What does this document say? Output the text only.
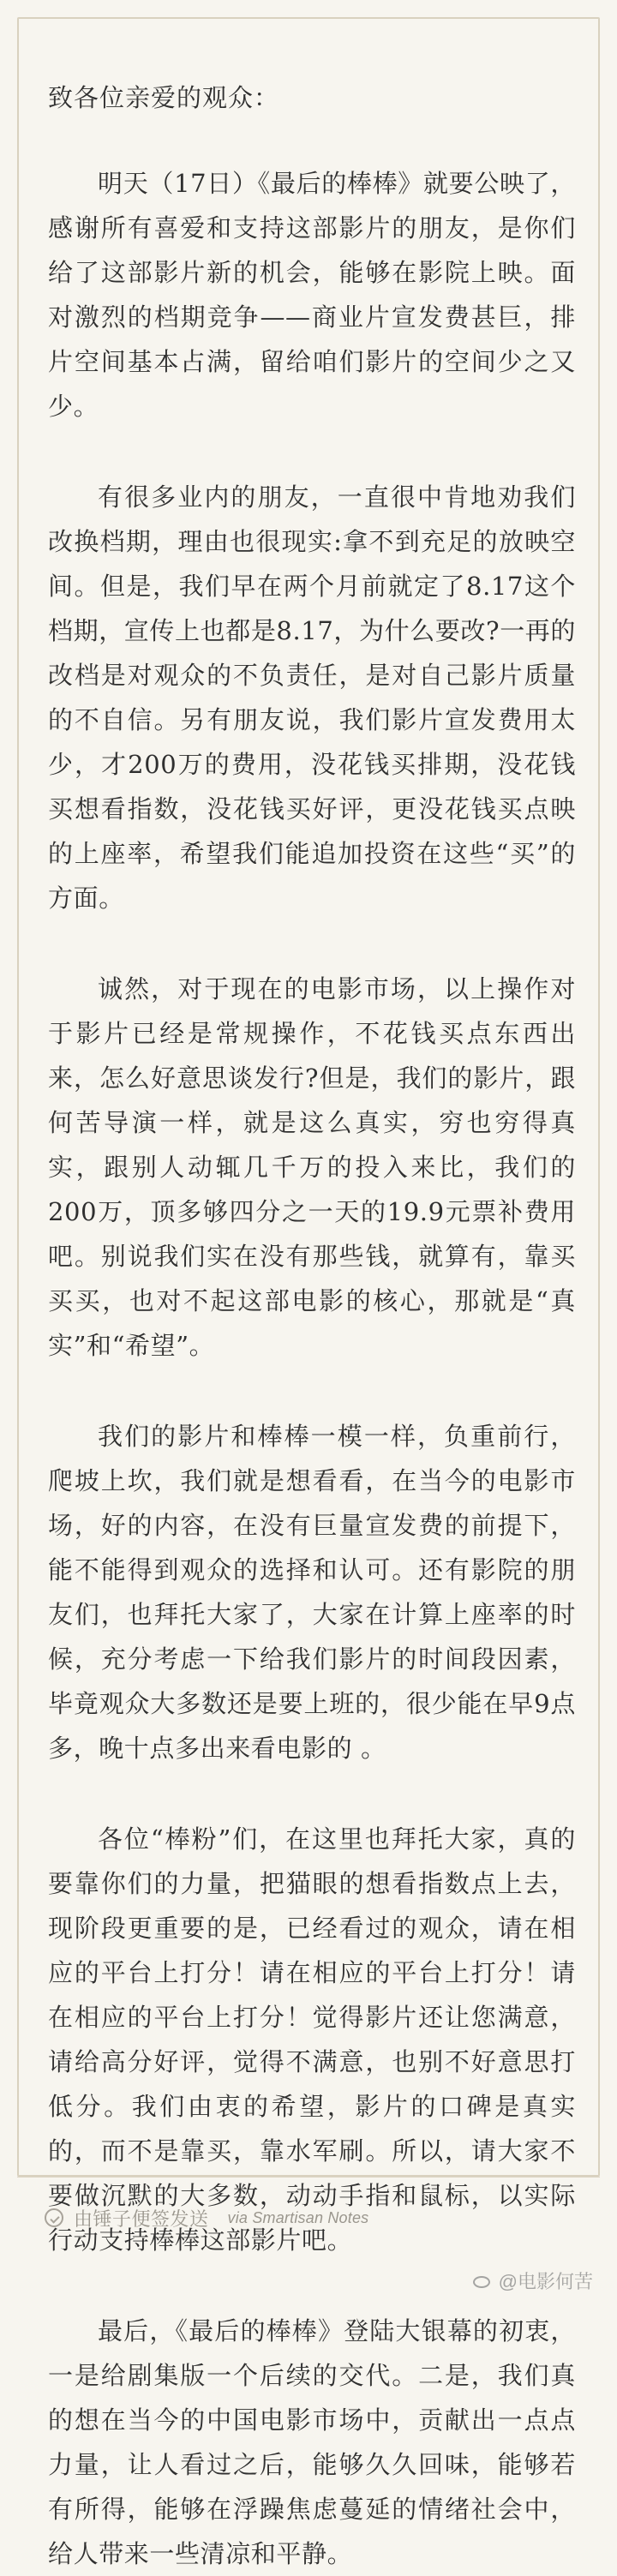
致各位亲爱的观众：

明天（17日）《最后的棒棒》就要公映了，感谢所有喜爱和支持这部影片的朋友，是你们给了这部影片新的机会，能够在影院上映。面对激烈的档期竞争——商业片宣发费甚巨，排片空间基本占满，留给咱们影片的空间少之又少。

有很多业内的朋友，一直很中肯地劝我们改换档期，理由也很现实:拿不到充足的放映空间。但是，我们早在两个月前就定了8.17这个档期，宣传上也都是8.17，为什么要改?一再的改档是对观众的不负责任，是对自己影片质量的不自信。另有朋友说，我们影片宣发费用太少，才200万的费用，没花钱买排期，没花钱买想看指数，没花钱买好评，更没花钱买点映的上座率，希望我们能追加投资在这些“买”的方面。

诚然，对于现在的电影市场，以上操作对于影片已经是常规操作，不花钱买点东西出来，怎么好意思谈发行?但是，我们的影片，跟何苦导演一样，就是这么真实，穷也穷得真实，跟别人动辄几千万的投入来比，我们的200万，顶多够四分之一天的19.9元票补费用吧。别说我们实在没有那些钱，就算有，靠买买买，也对不起这部电影的核心，那就是“真实”和“希望”。

我们的影片和棒棒一模一样，负重前行，爬坡上坎，我们就是想看看，在当今的电影市场，好的内容，在没有巨量宣发费的前提下，能不能得到观众的选择和认可。还有影院的朋友们，也拜托大家了，大家在计算上座率的时候，充分考虑一下给我们影片的时间段因素，毕竟观众大多数还是要上班的，很少能在早9点多，晚十点多出来看电影的 。

各位“棒粉”们，在这里也拜托大家，真的要靠你们的力量，把猫眼的想看指数点上去，现阶段更重要的是，已经看过的观众，请在相应的平台上打分！请在相应的平台上打分！请在相应的平台上打分！觉得影片还让您满意，请给高分好评，觉得不满意，也别不好意思打低分。我们由衷的希望，影片的口碑是真实的，而不是靠买，靠水军刷。所以，请大家不要做沉默的大多数，动动手指和鼠标，以实际行动支持棒棒这部影片吧。

最后，《最后的棒棒》登陆大银幕的初衷，一是给剧集版一个后续的交代。二是，我们真的想在当今的中国电影市场中，贡献出一点点力量，让人看过之后，能够久久回味，能够若有所得，能够在浮躁焦虑蔓延的情绪社会中，给人带来一些清凉和平静。

由锤子便签发送 via Smartisan Notes
@电影何苦
